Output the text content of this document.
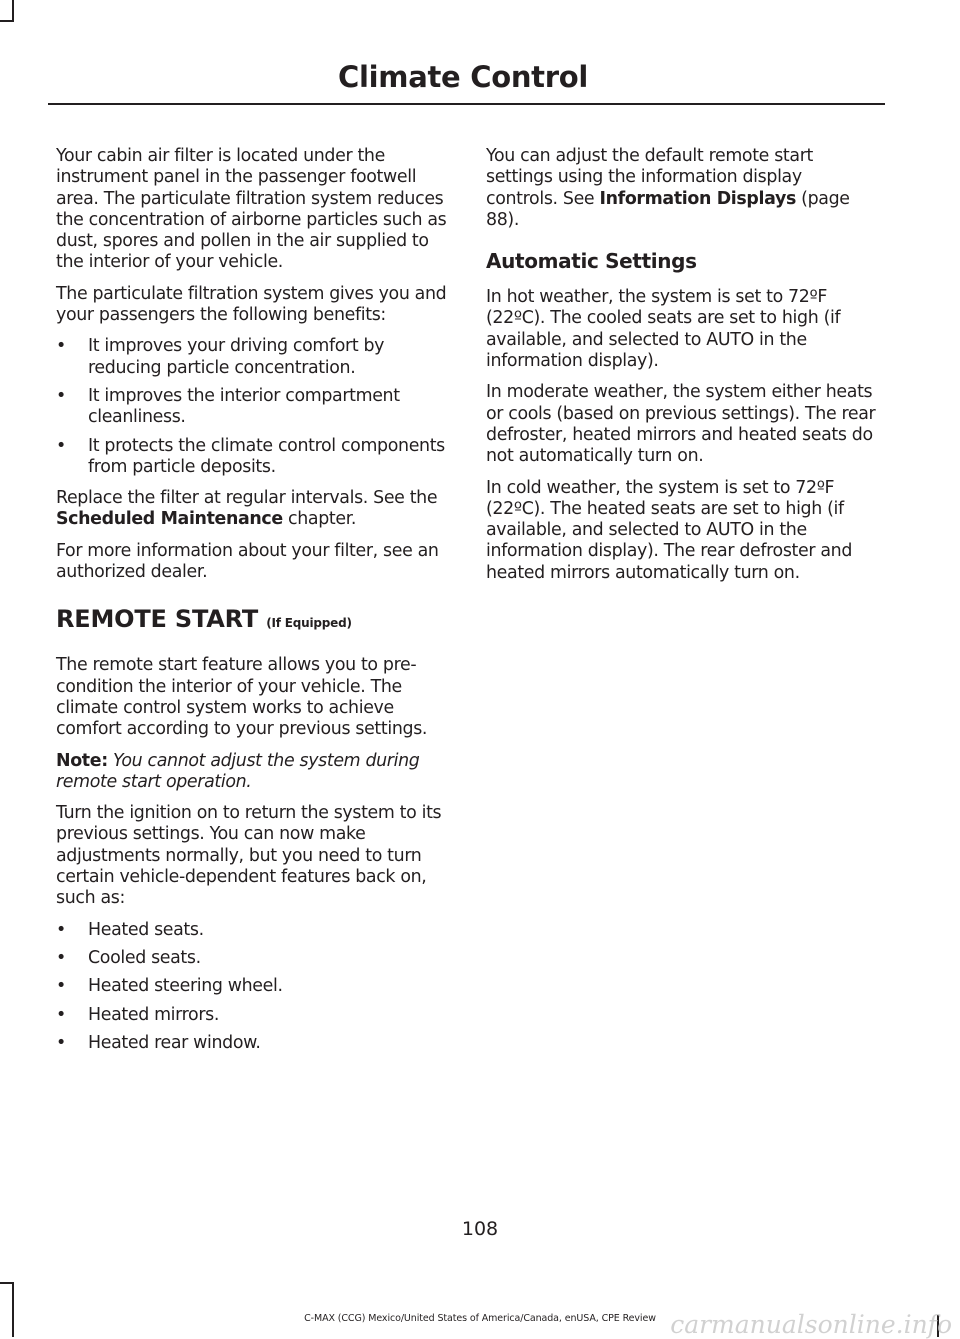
Climate Control

Your cabin air filter is located under the instrument panel in the passenger footwell area. The particulate filtration system reduces the concentration of airborne particles such as dust, spores and pollen in the air supplied to the interior of your vehicle.

The particulate filtration system gives you and your passengers the following benefits:

• It improves your driving comfort by reducing particle concentration.
• It improves the interior compartment cleanliness.
• It protects the climate control components from particle deposits.

Replace the filter at regular intervals. See the Scheduled Maintenance chapter.

For more information about your filter, see an authorized dealer.

REMOTE START (If Equipped)

The remote start feature allows you to pre-condition the interior of your vehicle. The climate control system works to achieve comfort according to your previous settings.

Note: You cannot adjust the system during remote start operation.

Turn the ignition on to return the system to its previous settings. You can now make adjustments normally, but you need to turn certain vehicle-dependent features back on, such as:

• Heated seats.
• Cooled seats.
• Heated steering wheel.
• Heated mirrors.
• Heated rear window.

You can adjust the default remote start settings using the information display controls. See Information Displays (page 88).

Automatic Settings

In hot weather, the system is set to 72ºF (22ºC). The cooled seats are set to high (if available, and selected to AUTO in the information display).

In moderate weather, the system either heats or cools (based on previous settings). The rear defroster, heated mirrors and heated seats do not automatically turn on.

In cold weather, the system is set to 72ºF (22ºC). The heated seats are set to high (if available, and selected to AUTO in the information display). The rear defroster and heated mirrors automatically turn on.

108
C-MAX (CCG) Mexico/United States of America/Canada, enUSA, CPE Review carmanualsonline.info
